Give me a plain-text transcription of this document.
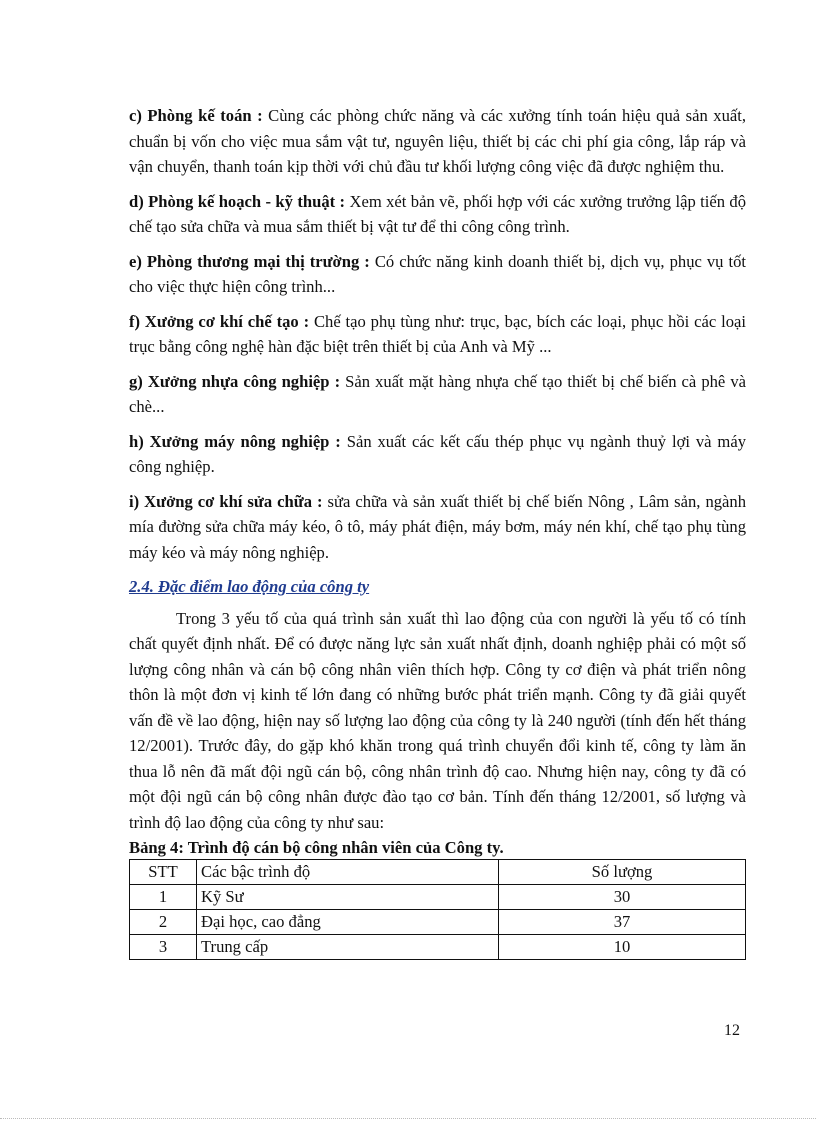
c) Phòng kế toán : Cùng các phòng chức năng và các xưởng tính toán hiệu quả sản xuất, chuẩn bị vốn cho việc mua sắm vật tư, nguyên liệu, thiết bị các chi phí gia công, lắp ráp và vận chuyển, thanh toán kịp thời với chủ đầu tư khối lượng công việc đã được nghiệm thu.

d) Phòng kế hoạch - kỹ thuật : Xem xét bản vẽ, phối hợp với các xưởng trưởng lập tiến độ chế tạo sửa chữa và mua sắm thiết bị vật tư để thi công công trình.

e) Phòng thương mại thị trường : Có chức năng kinh doanh thiết bị, dịch vụ, phục vụ tốt cho việc thực hiện công trình...

f) Xưởng cơ khí chế tạo : Chế tạo phụ tùng như: trục, bạc, bích các loại, phục hồi các loại trục bằng công nghệ hàn đặc biệt trên thiết bị của Anh và Mỹ ...

g) Xưởng nhựa công nghiệp : Sản xuất mặt hàng nhựa chế tạo thiết bị chế biến cà phê và chè...

h) Xưởng máy nông nghiệp : Sản xuất các kết cấu thép phục vụ ngành thuỷ lợi và máy công nghiệp.

i) Xưởng cơ khí sửa chữa : sửa chữa và sản xuất thiết bị chế biến Nông , Lâm sản, ngành mía đường sửa chữa máy kéo, ô tô, máy phát điện, máy bơm, máy nén khí, chế tạo phụ tùng máy kéo và máy nông nghiệp.

2.4. Đặc điểm lao động của công ty

Trong 3 yếu tố của quá trình sản xuất thì lao động của con người là yếu tố có tính chất quyết định nhất. Để có được năng lực sản xuất nhất định, doanh nghiệp phải có một số lượng công nhân và cán bộ công nhân viên thích hợp. Công ty cơ điện và phát triển nông thôn là một đơn vị kinh tế lớn đang có những bước phát triển mạnh. Công ty đã giải quyết vấn đề về lao động, hiện nay số lượng lao động của công ty là 240 người (tính đến hết tháng 12/2001). Trước đây, do gặp khó khăn trong quá trình chuyển đổi kinh tế, công ty làm ăn thua lỗ nên đã mất đội ngũ cán bộ, công nhân trình độ cao. Nhưng hiện nay, công ty đã có một đội ngũ cán bộ công nhân được đào tạo cơ bản. Tính đến tháng 12/2001, số lượng và trình độ lao động của công ty như sau:

Bảng 4: Trình độ cán bộ công nhân viên của Công ty.

STT	Các bậc trình độ	Số lượng
1	Kỹ Sư	30
2	Đại học, cao đẳng	37
3	Trung cấp	10
12
